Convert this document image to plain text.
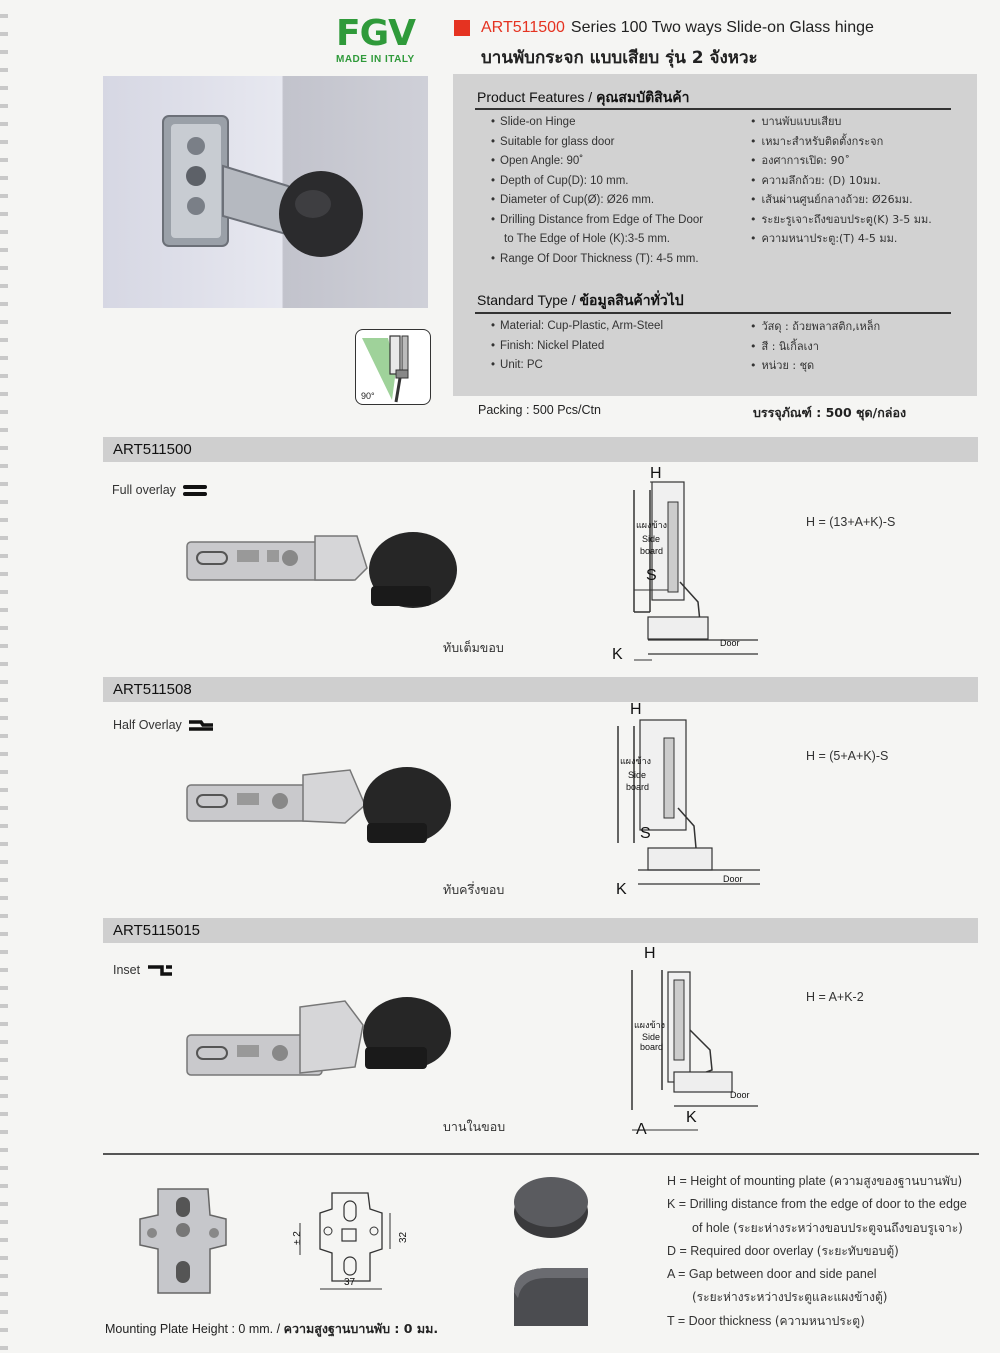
FGV
MADE IN ITALY
ART511500 Series 100 Two ways Slide-on Glass hinge
บานพับกระจก แบบเสียบ รุ่น 2 จังหวะ
90°
Product Features / คุณสมบัติสินค้า
• Slide-on Hinge
• Suitable for glass door
• Open Angle: 90˚
• Depth of Cup(D): 10 mm.
• Diameter of Cup(Ø): Ø26 mm.
• Drilling Distance from Edge of The Door
to The Edge of Hole (K):3-5 mm.
• Range Of Door Thickness (T): 4-5 mm.
• บานพับแบบเสียบ
• เหมาะสำหรับติดตั้งกระจก
• องศาการเปิด: 90˚
• ความลึกถ้วย: (D) 10มม.
• เส้นผ่านศูนย์กลางถ้วย: Ø26มม.
• ระยะรูเจาะถึงขอบประตู(K) 3-5 มม.
• ความหนาประตู:(T) 4-5 มม.
Standard Type / ข้อมูลสินค้าทั่วไป
• Material: Cup-Plastic, Arm-Steel
• Finish: Nickel Plated
• Unit: PC
• วัสดุ : ถ้วยพลาสติก,เหล็ก
• สี : นิเกิ้ลเงา
• หน่วย : ชุด
Packing : 500 Pcs/Ctn	บรรจุภัณฑ์ : 500 ชุด/กล่อง
ART511500
Full overlay
ทับเต็มขอบ
H
แผงข้าง
Side
board
S
Door
K
H = (13+A+K)-S
ART511508
Half Overlay
ทับครึ่งขอบ
H
แผงข้าง
Side
board
S
Door
K
H = (5+A+K)-S
ART5115015
Inset
บานในขอบ
H
แผงข้าง
Side
board
Door
K
A
H = A+K-2
± 2	32
37
Mounting Plate Height : 0 mm. / ความสูงฐานบานพับ : 0 มม.
H = Height of mounting plate (ความสูงของฐานบานพับ)
K = Drilling distance from the edge of door to the edge
of hole (ระยะห่างระหว่างขอบประตูจนถึงขอบรูเจาะ)
D = Required door overlay (ระยะทับขอบตู้)
A = Gap between door and side panel
(ระยะห่างระหว่างประตูและแผงข้างตู้)
T = Door thickness (ความหนาประตู)
